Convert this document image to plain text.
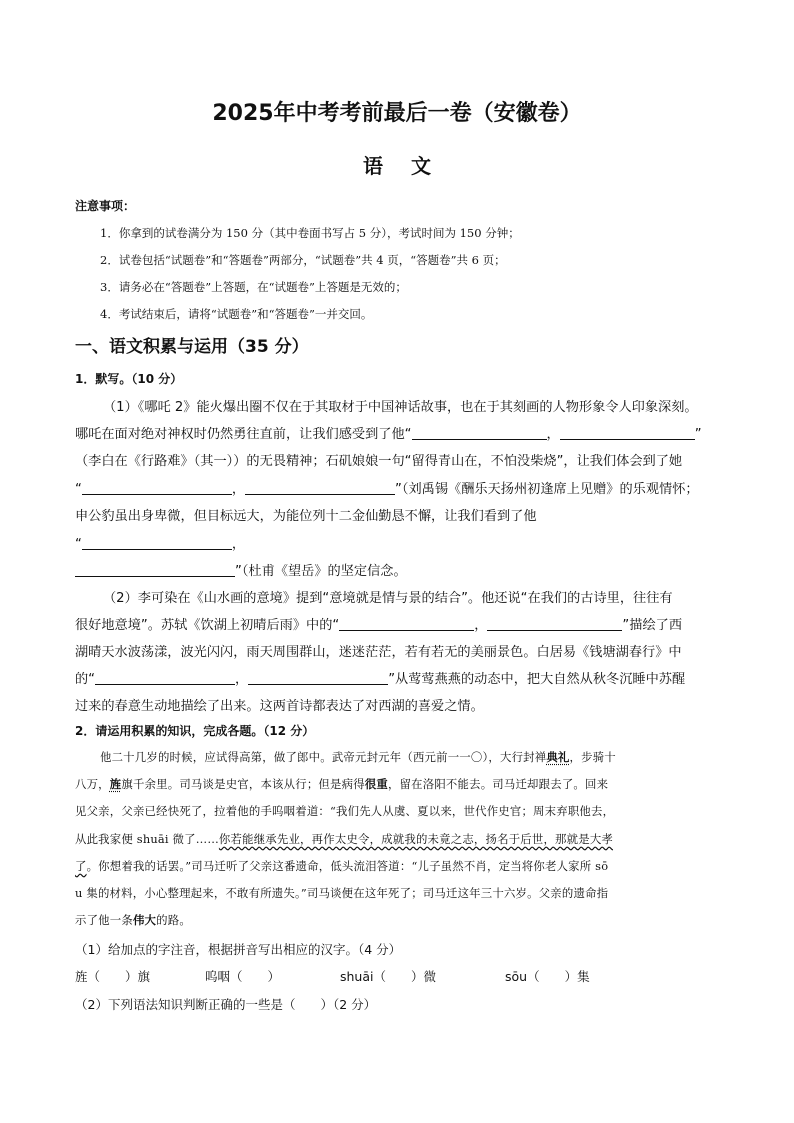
2025年中考考前最后一卷（安徽卷）
语文
注意事项：
1．你拿到的试卷满分为 150 分（其中卷面书写占 5 分），考试时间为 150 分钟；
2．试卷包括“试题卷”和“答题卷”两部分，“试题卷”共 4 页，“答题卷”共 6 页；
3．请务必在“答题卷”上答题，在“试题卷”上答题是无效的；
4．考试结束后，请将“试题卷”和“答题卷”一并交回。
一、语文积累与运用（35 分）
1．默写。（10 分）
（1）《哪吒 2》能火爆出圈不仅在于其取材于中国神话故事，也在于其刻画的人物形象令人印象深刻。
哪吒在面对绝对神权时仍然勇往直前，让我们感受到了他“	，	”
（李白在《行路难》（其一））的无畏精神；石矶娘娘一句“留得青山在，不怕没柴烧”，让我们体会到了她
“	，	”（刘禹锡《酬乐天扬州初逢席上见赠》的乐观情怀；
申公豹虽出身卑微，但目标远大，为能位列十二金仙勤恳不懈，让我们看到了他
“	，
”（杜甫《望岳》的坚定信念。
（2）李可染在《山水画的意境》提到“意境就是情与景的结合”。他还说“在我们的古诗里，往往有
很好地意境”。苏轼《饮湖上初晴后雨》中的“	，	”描绘了西
湖晴天水波荡漾，波光闪闪，雨天周围群山，迷迷茫茫，若有若无的美丽景色。白居易《钱塘湖春行》中
的“	，	”从莺莺燕燕的动态中，把大自然从秋冬沉睡中苏醒
过来的春意生动地描绘了出来。这两首诗都表达了对西湖的喜爱之情。
2．请运用积累的知识，完成各题。（12 分）
他二十几岁的时候，应试得高第，做了郎中。武帝元封元年（西元前一一〇），大行封禅典礼，步骑十
八万，旌旗千余里。司马谈是史官，本该从行；但是病得很重，留在洛阳不能去。司马迁却跟去了。回来
见父亲，父亲已经快死了，拉着他的手呜咽着道：“我们先人从虞、夏以来，世代作史官；周末弃职他去，
从此我家便 shuāi 微了……你若能继承先业，再作太史令，成就我的未竟之志，扬名于后世，那就是大孝
了。你想着我的话罢。”司马迁听了父亲这番遗命，低头流泪答道：“儿子虽然不肖，定当将你老人家所 sō
u 集的材料，小心整理起来，不敢有所遗失。”司马谈便在这年死了；司马迁这年三十六岁。父亲的遗命指
示了他一条伟大的路。
（1）给加点的字注音，根据拼音写出相应的汉字。（4 分）
旌（　　）旗	呜咽（　　）	shuāi（　　）微	sōu（　　）集
（2）下列语法知识判断正确的一些是（　　）（2 分）
